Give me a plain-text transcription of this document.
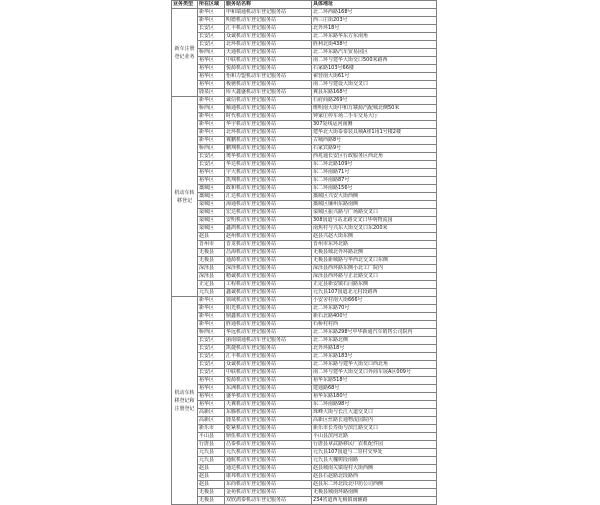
业务类型	所在区域	服务站名称	具体地址
新车注册登记业务	新华区	申和瑞通机动车登记服务站	北二环西路168号
	新华区	明德机动车登记服务站	西三庄街203号
	长安区	汇丰机动车登记服务站	北外环18号
	长安区	众诚机动车登记服务站	北二环东路华东方东南角
	长安区	北环机动车登记服务站	胜利北街438号
	桥西区	天通机动车登记服务站	北二环东路汽车贸易园区
	裕华区	中联机动车登记服务站	南二环与建华大街交口500米路西
	裕华区	悦源机动车登记服务站	石家路103号66楼
	裕华区	怡和力盟机动车登记服务站	翟营南大街61号
	裕华区	极驰机动车登记服务站	南二环与建设大街交叉口
	鹿泉区	库大鑫盛机动车登记服务站	翼县东路168号
机动车转移登记	新华区	诚信机动车登记服务站	石府商路269号
	桥西区	顺通机动车登记服务站	维明南大街中和万寨源汽配城北侧50米
	新华区	时代机动车登记服务站	钟家庄停车场二手车交易大厅
	新华区	华宇机动车登记服务站	307复线运河南侧
	新华区	北环机动车登记服务站	建华北大街泰泰装具城A座1用1号楼2楼
	新华区	冀鹏机动车登记服务站	古城西路8号
	桥西区	鹏翔机动车登记服务站	石家宾路9号
	长安区	奥华机动车登记服务站	西兆通长安区行政服务区西北角
	长安区	华达机动车登记服务站	东二环北路109号
	裕华区	宇大机动车登记服务站	东二环南路71号
	裕华区	凯翔机动车登记服务站	东二环南路87号
	藁城区	政和机动车登记服务站	东二环南路156号
	藁城区	汇达机动车登记服务站	藁城区兴安大街西侧
	栾城区	海通机动车登记服务站	藁城区廉州东路南侧
	栾城区	宏达机动车登记服务站	栾城区振兴路与广场路交叉口
	栾城区	安明机动车登记服务站	308国道与站北路交叉口华明物流园
	栾城区	鑫鸿机动车登记服务站	南焦村与兴东大街交叉口东200米
	赵县	赵州机动车登记服务站	赵县兴赵大街东侧
	晋州市	晋龙机动车登记服务站	晋州市东环北路
	无极县	昌海机动车登记服务站	无极县城北外环路北侧
	无极县	通源机动车登记服务站	无极县新城路与华西北交叉口东侧
	深泽县	深泽机动车登记服务站	深泽县西环路东侧小北工厂院内
	深泽县	精诚机动车登记服务站	深泽县西环路与正北路交叉口
	正定县	工程机动车登记服务站	正定县新安镇石闫路东侧
	元氏县	鑫诚机动车登记服务站	元氏县107国道北元村段路西
机动车转移登记和注册登记	新华区	领域机动车登记服务站	小安舍村南大街666号
	新华区	阳光机动车登记服务站	北二环东路70号
	新华区	鼎鑫机动车登记服务站	新石北路400号
	新华区	胜通机动车登记服务站	石桥村村西
	桥西区	华远机动车登记服务站	北二环东路298号中华新通汽车销售公司院内
	长安区	丽南瑞通机动车登记服务站	北二环东路北侧
	长安区	凯捷机动车登记服务站	北外环路18号
	长安区	汇丰机动车登记服务站	北二环东路183号
	长安区	众诚机动车登记服务站	北二环东路与建华大街交口西北角
	长安区	中联机动车登记服务站	南二环与建华大街交叉口外商车展A区009号
	裕华区	悦源机动车登记服务站	裕华东路518号
	裕华区	东洲机动车登记服务站	建通路68号
	裕华区	盛华机动车登记服务站	裕华东路180号
	裕华区	天翼机动车登记服务站	东二环南路98号
	高新区	东腾机动车登记服务站	珠峰大街与长江大道交叉口
	高新区	鹿泉机动车登记服务站	高新区丝路长通物流园院内
	新乐市	乾紧机动车登记服务站	新乐市长寿街与滨江路交叉口
	平山县	鼎伍机动车登记服务站	平山县滨河北路
	行唐县	昌泰机动车登记服务站	行唐县章武路移民厂农机配件园
	元氏县	元氏机动车登记服务站	元氏县107国道与二里村交界处
	元氏县	通航机动车登记服务站	元氏县大槐树段南路
	赵县	通达机动车登记服务站	赵县城南关镇堤村大街西侧
	赵县	康邦机动车登记服务站	赵县石赵路北段路西
	赵县	东尚机动车登记服务站	赵县东二环北段北中坊公司西侧
	无极县	金苑机动车登记服务站	无极县城南环路南侧
	无极县	双欣鸿泰机动车登记服务站	234省道西无极镇南辅路
